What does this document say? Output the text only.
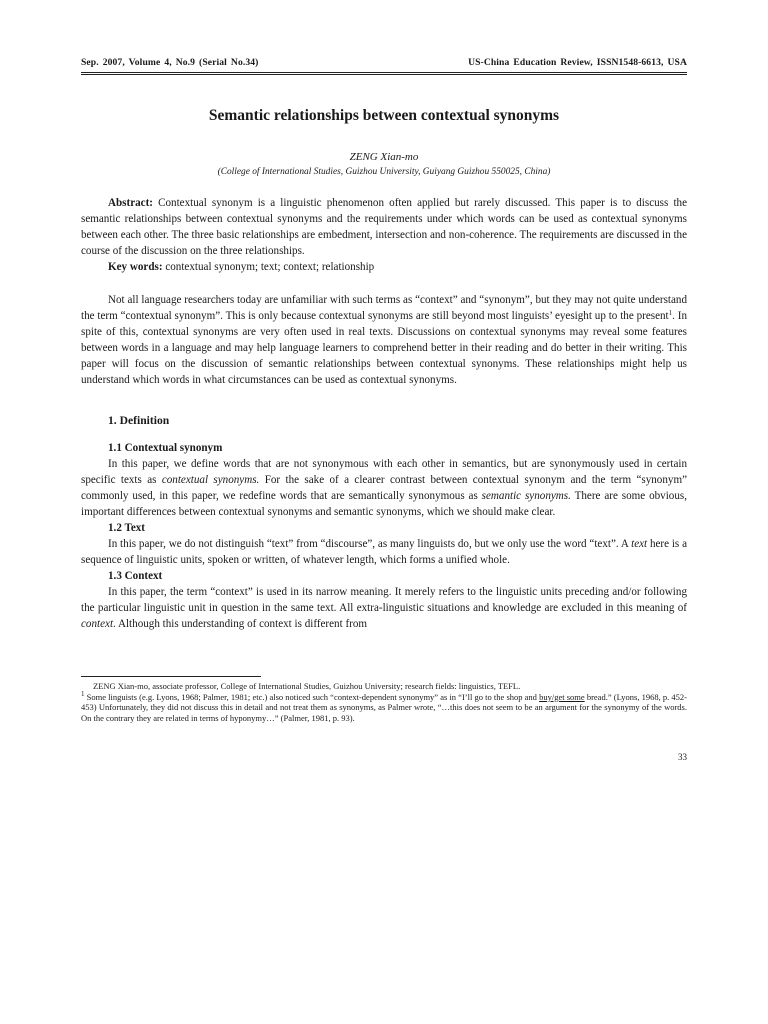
Sep. 2007, Volume 4, No.9 (Serial No.34)	US-China Education Review, ISSN1548-6613, USA
Semantic relationships between contextual synonyms
ZENG Xian-mo
(College of International Studies, Guizhou University, Guiyang Guizhou 550025, China)

Abstract: Contextual synonym is a linguistic phenomenon often applied but rarely discussed. This paper is to discuss the semantic relationships between contextual synonyms and the requirements under which words can be used as contextual synonyms between each other. The three basic relationships are embedment, intersection and non-coherence. The requirements are discussed in the course of the discussion on the three relationships.

Key words: contextual synonym; text; context; relationship

Not all language researchers today are unfamiliar with such terms as “context” and “synonym”, but they may not quite understand the term “contextual synonym”. This is only because contextual synonyms are still beyond most linguists’ eyesight up to the present$^1$. In spite of this, contextual synonyms are very often used in real texts. Discussions on contextual synonyms may reveal some features between words in a language and may help language learners to comprehend better in their reading and do better in their writing. This paper will focus on the discussion of semantic relationships between contextual synonyms. These relationships might help us understand which words in what circumstances can be used as contextual synonyms.

1. Definition
1.1 Contextual synonym

In this paper, we define words that are not synonymous with each other in semantics, but are synonymously used in certain specific texts as contextual synonyms. For the sake of a clearer contrast between contextual synonym and the term “synonym” commonly used, in this paper, we redefine words that are semantically synonymous as semantic synonyms. There are some obvious, important differences between contextual synonyms and semantic synonyms, which we should make clear.

1.2 Text

In this paper, we do not distinguish “text” from “discourse”, as many linguists do, but we only use the word “text”. A text here is a sequence of linguistic units, spoken or written, of whatever length, which forms a unified whole.

1.3 Context

In this paper, the term “context” is used in its narrow meaning. It merely refers to the linguistic units preceding and/or following the particular linguistic unit in question in the same text. All extra-linguistic situations and knowledge are excluded in this meaning of context. Although this understanding of context is different from

ZENG Xian-mo, associate professor, College of International Studies, Guizhou University; research fields: linguistics, TEFL.

$^1$ Some linguists (e.g. Lyons, 1968; Palmer, 1981; etc.) also noticed such “context-dependent synonymy” as in “I’ll go to the shop and buy/get some bread.” (Lyons, 1968, p. 452-453) Unfortunately, they did not discuss this in detail and not treat them as synonyms, as Palmer wrote, “…this does not seem to be an argument for the synonymy of the words. On the contrary they are related in terms of hyponymy…” (Palmer, 1981, p. 93).

33
